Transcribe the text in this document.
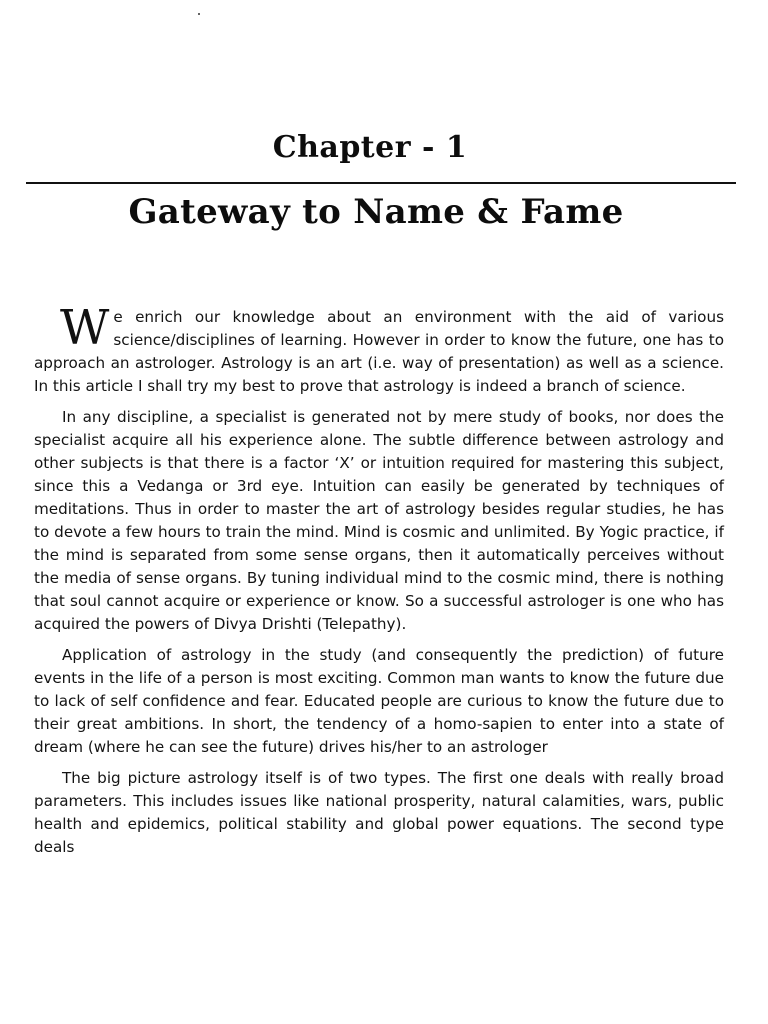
Chapter - 1
Gateway to Name & Fame

We enrich our knowledge about an environment with the aid of various science/disciplines of learning. However in order to know the future, one has to approach an astrologer. Astrology is an art (i.e. way of presentation) as well as a science. In this article I shall try my best to prove that astrology is indeed a branch of science.

In any discipline, a specialist is generated not by mere study of books, nor does the specialist acquire all his experience alone. The subtle difference between astrology and other subjects is that there is a factor ‘X’ or intuition required for mastering this subject, since this a Vedanga or 3rd eye. Intuition can easily be generated by techniques of meditations. Thus in order to master the art of astrology besides regular studies, he has to devote a few hours to train the mind. Mind is cosmic and unlimited. By Yogic practice, if the mind is separated from some sense organs, then it automatically perceives without the media of sense organs. By tuning individual mind to the cosmic mind, there is nothing that soul cannot acquire or experience or know. So a successful astrologer is one who has acquired the powers of Divya Drishti (Telepathy).

Application of astrology in the study (and consequently the prediction) of future events in the life of a person is most exciting. Common man wants to know the future due to lack of self confidence and fear. Educated people are curious to know the future due to their great ambitions. In short, the tendency of a homo-sapien to enter into a state of dream (where he can see the future) drives his/her to an astrologer

The big picture astrology itself is of two types. The first one deals with really broad parameters. This includes issues like national prosperity, natural calamities, wars, public health and epidemics, political stability and global power equations. The second type deals
